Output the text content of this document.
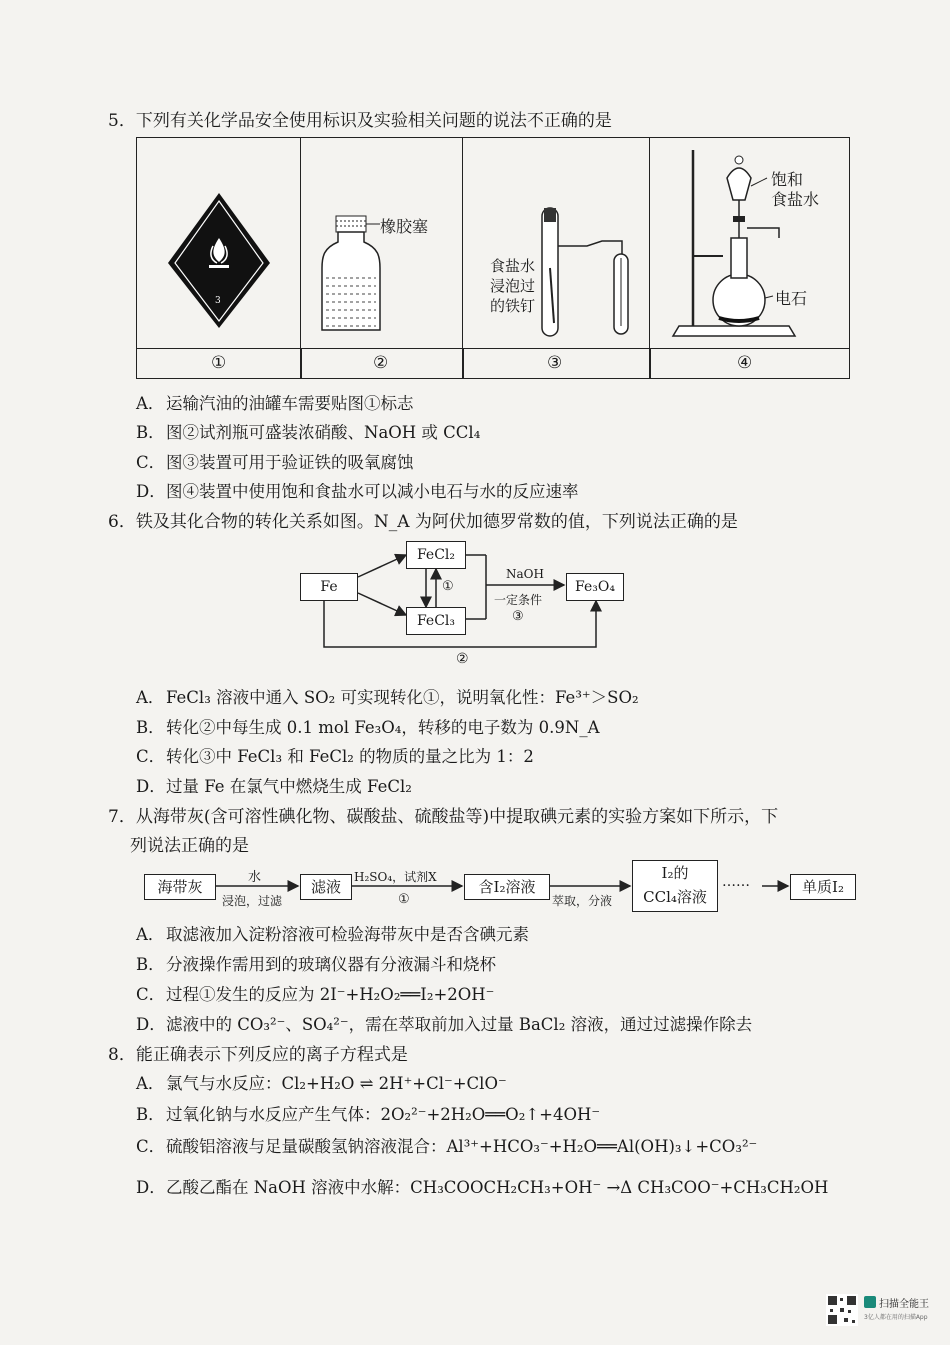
5．下列有关化学品安全使用标识及实验相关问题的说法不正确的是
3
橡胶塞
食盐水
浸泡过
的铁钉
饱和
食盐水
电石
①	②	③	④
A．运输汽油的油罐车需要贴图①标志
B．图②试剂瓶可盛装浓硝酸、NaOH 或 CCl₄
C．图③装置可用于验证铁的吸氧腐蚀
D．图④装置中使用饱和食盐水可以减小电石与水的反应速率
6．铁及其化合物的转化关系如图。N_A 为阿伏加德罗常数的值，下列说法正确的是
Fe
FeCl₂
FeCl₃
Fe₃O₄
①
NaOH
一定条件
③
②
A．FeCl₃ 溶液中通入 SO₂ 可实现转化①，说明氧化性：Fe³⁺＞SO₂
B．转化②中每生成 0.1 mol Fe₃O₄，转移的电子数为 0.9N_A
C．转化③中 FeCl₃ 和 FeCl₂ 的物质的量之比为 1：2
D．过量 Fe 在氯气中燃烧生成 FeCl₂
7．从海带灰(含可溶性碘化物、碳酸盐、硫酸盐等)中提取碘元素的实验方案如下所示，下
列说法正确的是
海带灰
水
浸泡，过滤
滤液
H₂SO₄，试剂X
①
含I₂溶液
萃取，分液
I₂的
CCl₄溶液
……	单质I₂
A．取滤液加入淀粉溶液可检验海带灰中是否含碘元素
B．分液操作需用到的玻璃仪器有分液漏斗和烧杯
C．过程①发生的反应为 2I⁻+H₂O₂══I₂+2OH⁻
D．滤液中的 CO₃²⁻、SO₄²⁻，需在萃取前加入过量 BaCl₂ 溶液，通过过滤操作除去
8．能正确表示下列反应的离子方程式是
A．氯气与水反应：Cl₂+H₂O ⇌ 2H⁺+Cl⁻+ClO⁻
B．过氧化钠与水反应产生气体：2O₂²⁻+2H₂O══O₂↑+4OH⁻
C．硫酸铝溶液与足量碳酸氢钠溶液混合：Al³⁺+HCO₃⁻+H₂O══Al(OH)₃↓+CO₃²⁻
D．乙酸乙酯在 NaOH 溶液中水解：CH₃COOCH₂CH₃+OH⁻ →Δ CH₃COO⁻+CH₃CH₂OH
扫描全能王
3亿人都在用的扫描App
